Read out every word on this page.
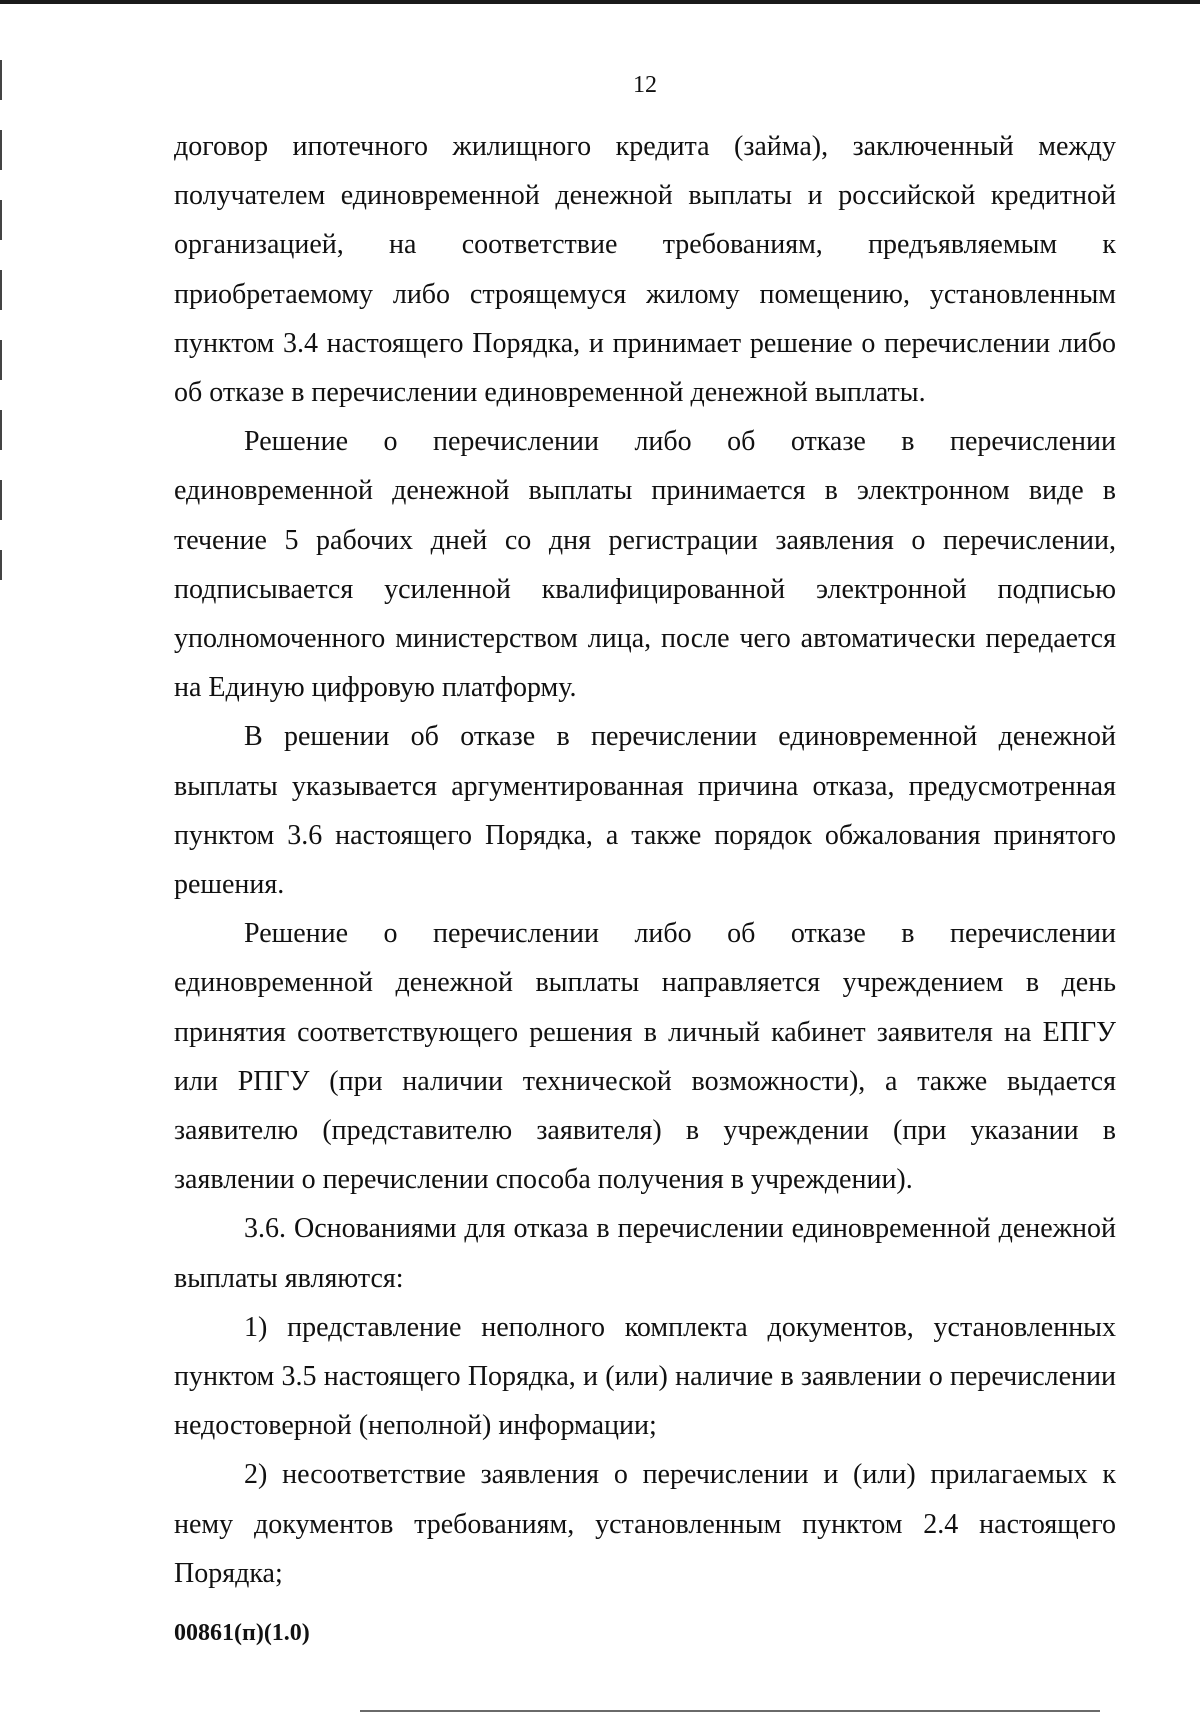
12

договор ипотечного жилищного кредита (займа), заключенный между получателем единовременной денежной выплаты и российской кредитной организацией, на соответствие требованиям, предъявляемым к приобретаемому либо строящемуся жилому помещению, установленным пунктом 3.4 настоящего Порядка, и принимает решение о перечислении либо об отказе в перечислении единовременной денежной выплаты.

Решение о перечислении либо об отказе в перечислении единовременной денежной выплаты принимается в электронном виде в течение 5 рабочих дней со дня регистрации заявления о перечислении, подписывается усиленной квалифицированной электронной подписью уполномоченного министерством лица, после чего автоматически передается на Единую цифровую платформу.

В решении об отказе в перечислении единовременной денежной выплаты указывается аргументированная причина отказа, предусмотренная пунктом 3.6 настоящего Порядка, а также порядок обжалования принятого решения.

Решение о перечислении либо об отказе в перечислении единовременной денежной выплаты направляется учреждением в день принятия соответствующего решения в личный кабинет заявителя на ЕПГУ или РПГУ (при наличии технической возможности), а также выдается заявителю (представителю заявителя) в учреждении (при указании в заявлении о перечислении способа получения в учреждении).

3.6. Основаниями для отказа в перечислении единовременной денежной выплаты являются:

1) представление неполного комплекта документов, установленных пунктом 3.5 настоящего Порядка, и (или) наличие в заявлении о перечислении недостоверной (неполной) информации;

2) несоответствие заявления о перечислении и (или) прилагаемых к нему документов требованиям, установленным пунктом 2.4 настоящего Порядка;

00861(п)(1.0)
